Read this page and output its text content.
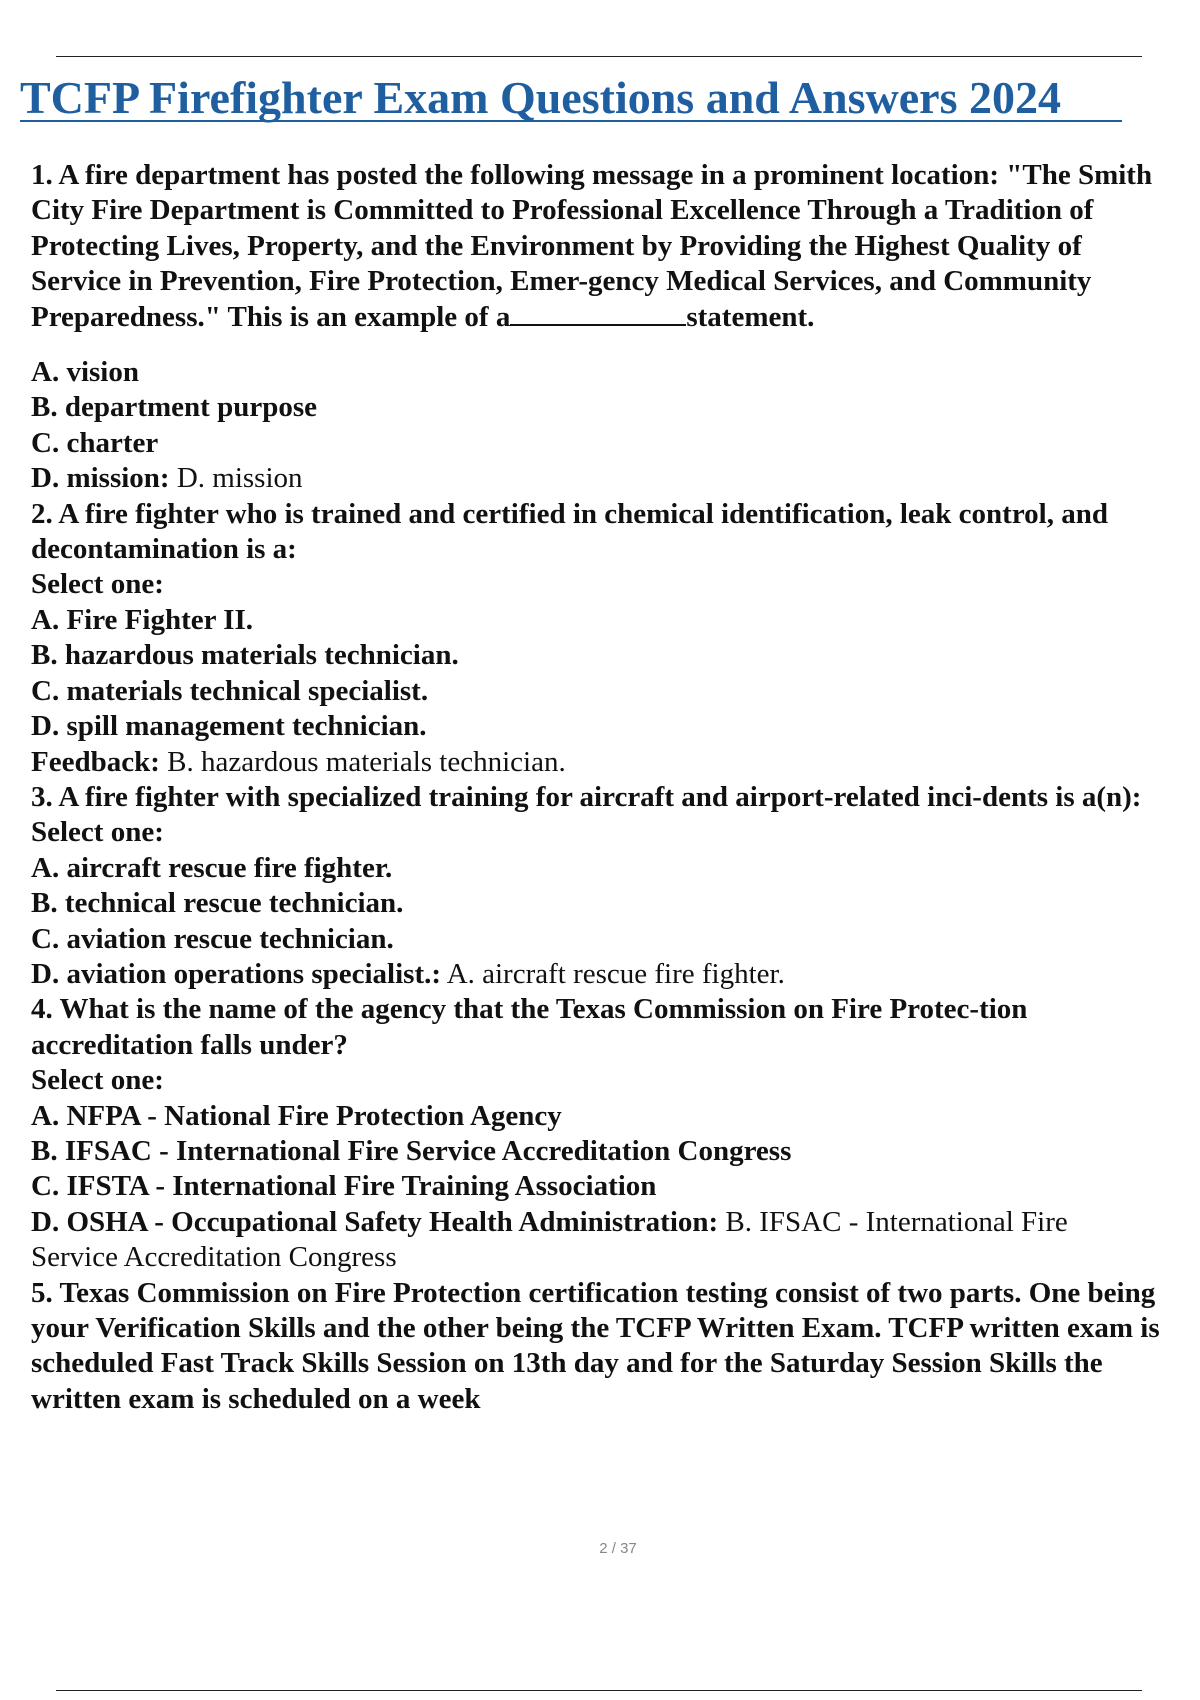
TCFP Firefighter Exam Questions and Answers 2024

1. A fire department has posted the following message in a prominent location: "The Smith City Fire Department is Committed to Professional Excellence Through a Tradition of Protecting Lives, Property, and the Environment by Providing the Highest Quality of Service in Prevention, Fire Protection, Emer-gency Medical Services, and Community Preparedness." This is an example of a	statement.

A. vision

B. department purpose

C. charter

D. mission: D. mission

2. A fire fighter who is trained and certified in chemical identification, leak control, and decontamination is a:

Select one:

A. Fire Fighter II.

B. hazardous materials technician.

C. materials technical specialist.

D. spill management technician.

Feedback: B. hazardous materials technician.

3. A fire fighter with specialized training for aircraft and airport-related inci-dents is a(n):

Select one:

A. aircraft rescue fire fighter.

B. technical rescue technician.

C. aviation rescue technician.

D. aviation operations specialist.: A. aircraft rescue fire fighter.

4. What is the name of the agency that the Texas Commission on Fire Protec-tion accreditation falls under?

Select one:

A. NFPA - National Fire Protection Agency

B. IFSAC - International Fire Service Accreditation Congress

C. IFSTA - International Fire Training Association

D. OSHA - Occupational Safety Health Administration: B. IFSAC - International Fire Service Accreditation Congress

5. Texas Commission on Fire Protection certification testing consist of two parts. One being your Verification Skills and the other being the TCFP Written Exam. TCFP written exam is scheduled Fast Track Skills Session on 13th day and for the Saturday Session Skills the written exam is scheduled on a week

2 / 37
